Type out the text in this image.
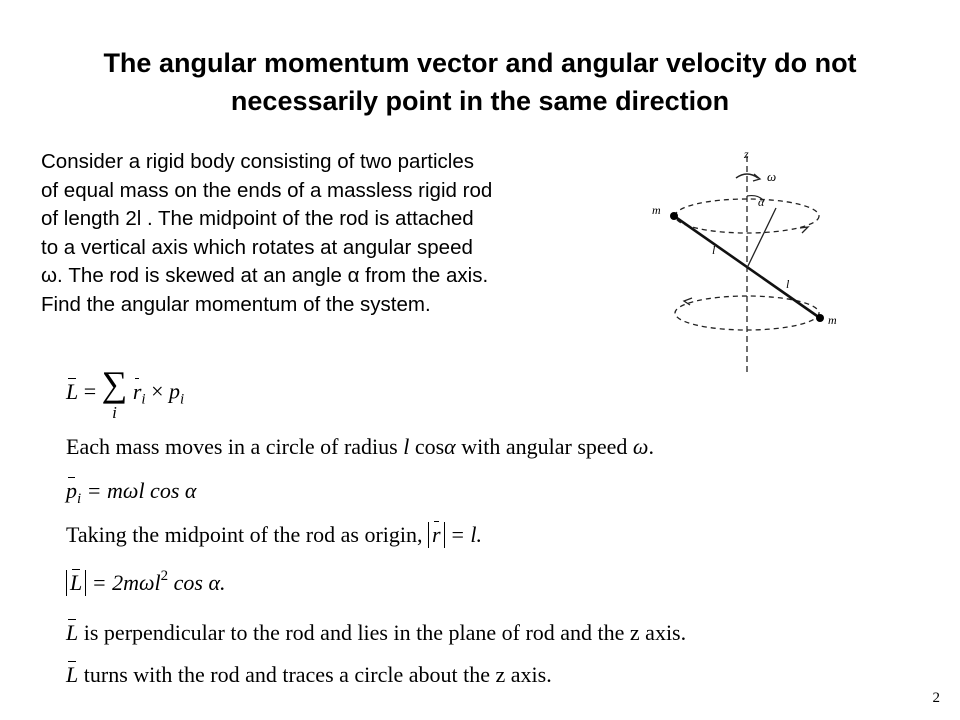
The angular momentum vector and angular velocity do not
necessarily point in the same direction
Consider a rigid body consisting of two particles
of equal mass on the ends of a massless rigid rod
of length 2l . The midpoint of the rod is attached
to a vertical axis which rotates at angular speed
ω. The rod is skewed at an angle α from the axis.
Find the angular momentum of the system.
z
ω
α
m
m
l
l
L = ∑
i
$r_i \times p_i$
Each mass moves in a circle of radius l cosα with angular speed ω.
$p_i = m\omega l$ cos α
Taking the midpoint of the rod as origin, r = l.
L = 2mωl$^2$ cos α.
L is perpendicular to the rod and lies in the plane of rod and the z axis.
L turns with the rod and traces a circle about the z axis.
2
